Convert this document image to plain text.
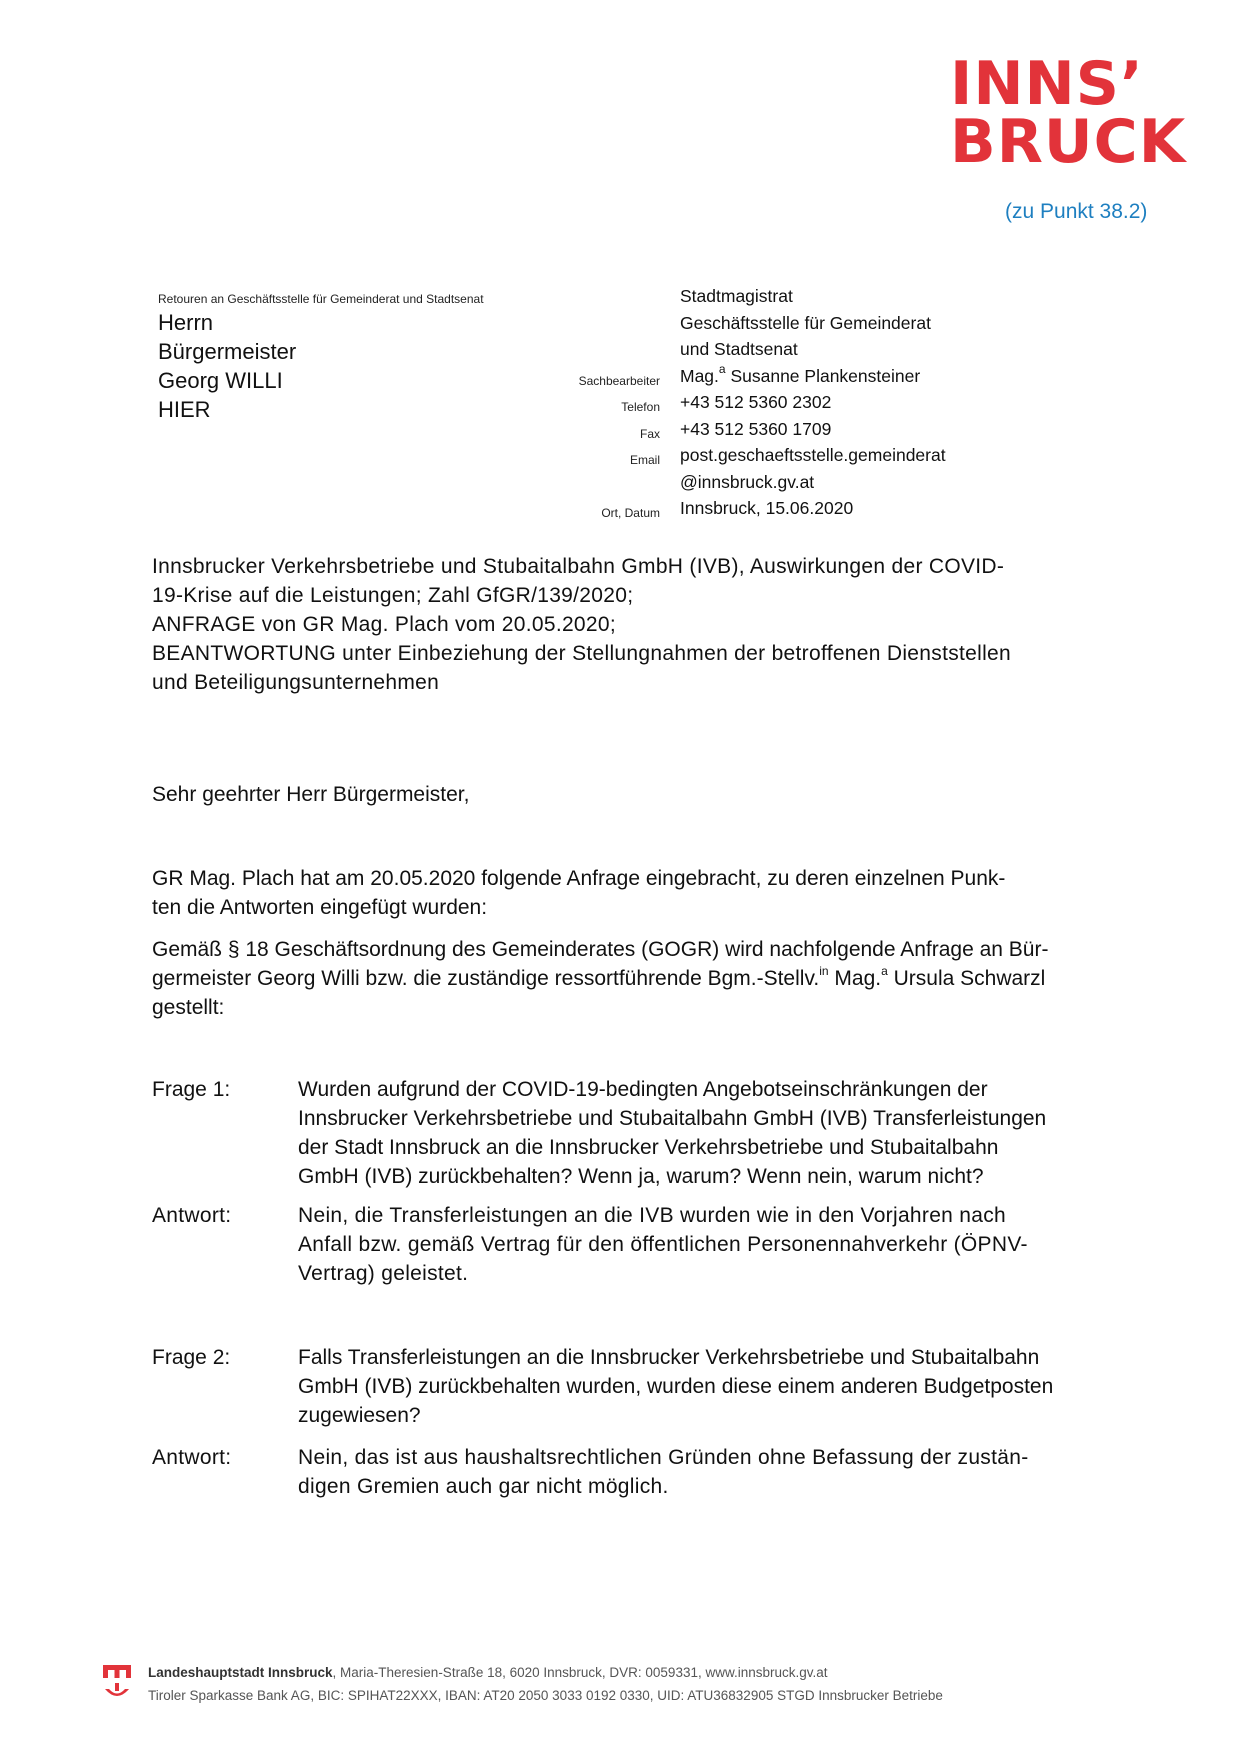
INNS’
BRUCK
(zu Punkt 38.2)
Retouren an Geschäftsstelle für Gemeinderat und Stadtsenat
Herrn
Bürgermeister
Georg WILLI
HIER
Stadtmagistrat
Geschäftsstelle für Gemeinderat
und Stadtsenat
Sachbearbeiter Mag.$^a$ Susanne Plankensteiner
Telefon +43 512 5360 2302
Fax +43 512 5360 1709
Email post.geschaeftsstelle.gemeinderat
@innsbruck.gv.at
Ort, Datum Innsbruck, 15.06.2020
Innsbrucker Verkehrsbetriebe und Stubaitalbahn GmbH (IVB), Auswirkungen der COVID-
19-Krise auf die Leistungen; Zahl GfGR/139/2020;
ANFRAGE von GR Mag. Plach vom 20.05.2020;
BEANTWORTUNG unter Einbeziehung der Stellungnahmen der betroffenen Dienststellen
und Beteiligungsunternehmen
Sehr geehrter Herr Bürgermeister,
GR Mag. Plach hat am 20.05.2020 folgende Anfrage eingebracht, zu deren einzelnen Punk-
ten die Antworten eingefügt wurden:
Gemäß § 18 Geschäftsordnung des Gemeinderates (GOGR) wird nachfolgende Anfrage an Bür-
germeister Georg Willi bzw. die zuständige ressortführende Bgm.-Stellv.$^{in}$ Mag.$^a$ Ursula Schwarzl
gestellt:
Frage 1:	Wurden aufgrund der COVID-19-bedingten Angebotseinschränkungen der
Innsbrucker Verkehrsbetriebe und Stubaitalbahn GmbH (IVB) Transferleistungen
der Stadt Innsbruck an die Innsbrucker Verkehrsbetriebe und Stubaitalbahn
GmbH (IVB) zurückbehalten? Wenn ja, warum? Wenn nein, warum nicht?
Antwort:	Nein, die Transferleistungen an die IVB wurden wie in den Vorjahren nach
Anfall bzw. gemäß Vertrag für den öffentlichen Personennahverkehr (ÖPNV-
Vertrag) geleistet.
Frage 2:	Falls Transferleistungen an die Innsbrucker Verkehrsbetriebe und Stubaitalbahn
GmbH (IVB) zurückbehalten wurden, wurden diese einem anderen Budgetposten
zugewiesen?
Antwort:	Nein, das ist aus haushaltsrechtlichen Gründen ohne Befassung der zustän-
digen Gremien auch gar nicht möglich.
Landeshauptstadt Innsbruck, Maria-Theresien-Straße 18, 6020 Innsbruck, DVR: 0059331, www.innsbruck.gv.at
Tiroler Sparkasse Bank AG, BIC: SPIHAT22XXX, IBAN: AT20 2050 3033 0192 0330, UID: ATU36832905 STGD Innsbrucker Betriebe
